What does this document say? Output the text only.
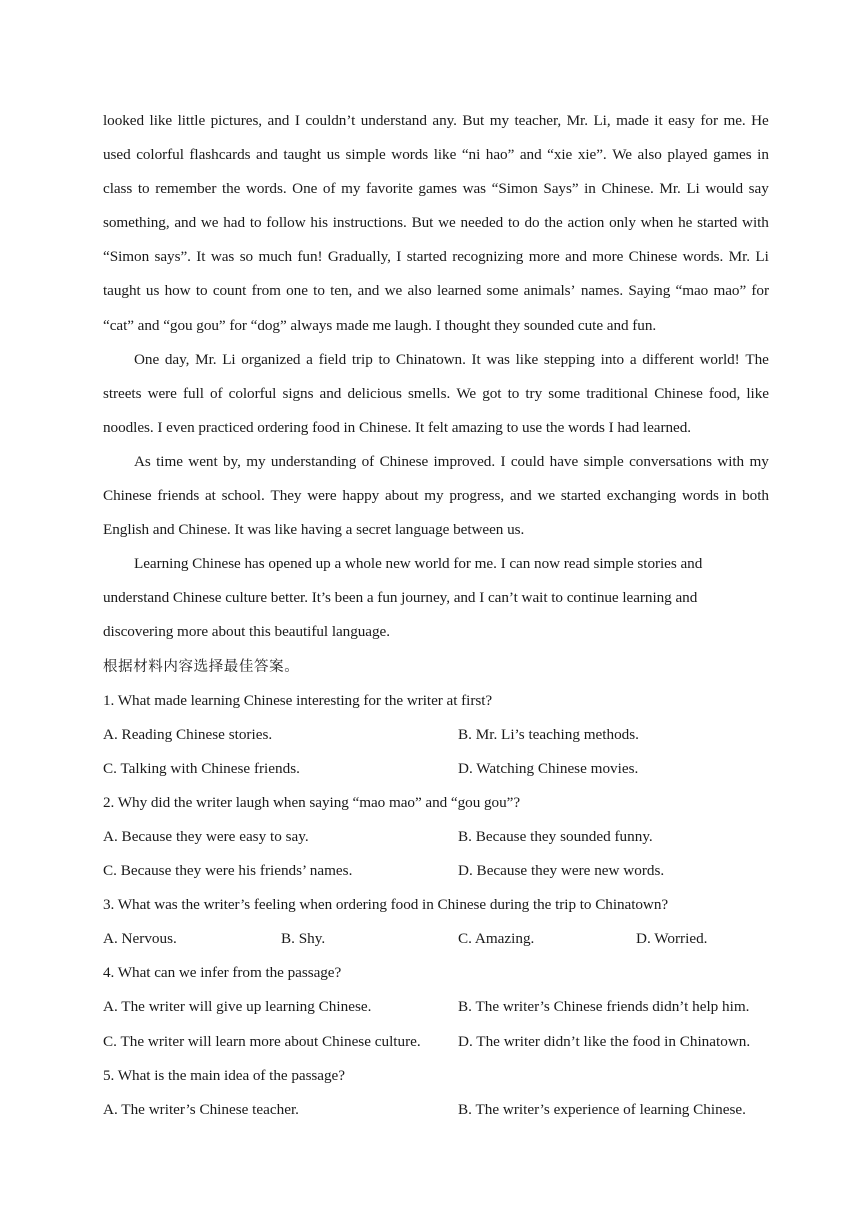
looked like little pictures, and I couldn’t understand any. But my teacher, Mr. Li, made it easy for me. He
used colorful flashcards and taught us simple words like “ni hao” and “xie xie”. We also played games in
class to remember the words. One of my favorite games was “Simon Says” in Chinese. Mr. Li would say
something, and we had to follow his instructions. But we needed to do the action only when he started with
“Simon says”. It was so much fun! Gradually, I started recognizing more and more Chinese words. Mr. Li
taught us how to count from one to ten, and we also learned some animals’ names. Saying “mao mao” for
“cat” and “gou gou” for “dog” always made me laugh. I thought they sounded cute and fun.
One day, Mr. Li organized a field trip to Chinatown. It was like stepping into a different world! The
streets were full of colorful signs and delicious smells. We got to try some traditional Chinese food, like
noodles. I even practiced ordering food in Chinese. It felt amazing to use the words I had learned.
As time went by, my understanding of Chinese improved. I could have simple conversations with my
Chinese friends at school. They were happy about my progress, and we started exchanging words in both
English and Chinese. It was like having a secret language between us.
Learning Chinese has opened up a whole new world for me. I can now read simple stories and
understand Chinese culture better. It’s been a fun journey, and I can’t wait to continue learning and
discovering more about this beautiful language.
根据材料内容选择最佳答案。
1. What made learning Chinese interesting for the writer at first?
A. Reading Chinese stories.	B. Mr. Li’s teaching methods.
C. Talking with Chinese friends.	D. Watching Chinese movies.
2. Why did the writer laugh when saying “mao mao” and “gou gou”?
A. Because they were easy to say.	B. Because they sounded funny.
C. Because they were his friends’ names.	D. Because they were new words.
3. What was the writer’s feeling when ordering food in Chinese during the trip to Chinatown?
A. Nervous.	B. Shy.	C. Amazing.	D. Worried.
4. What can we infer from the passage?
A. The writer will give up learning Chinese.	B. The writer’s Chinese friends didn’t help him.
C. The writer will learn more about Chinese culture. D. The writer didn’t like the food in Chinatown.
5. What is the main idea of the passage?
A. The writer’s Chinese teacher.	B. The writer’s experience of learning Chinese.
